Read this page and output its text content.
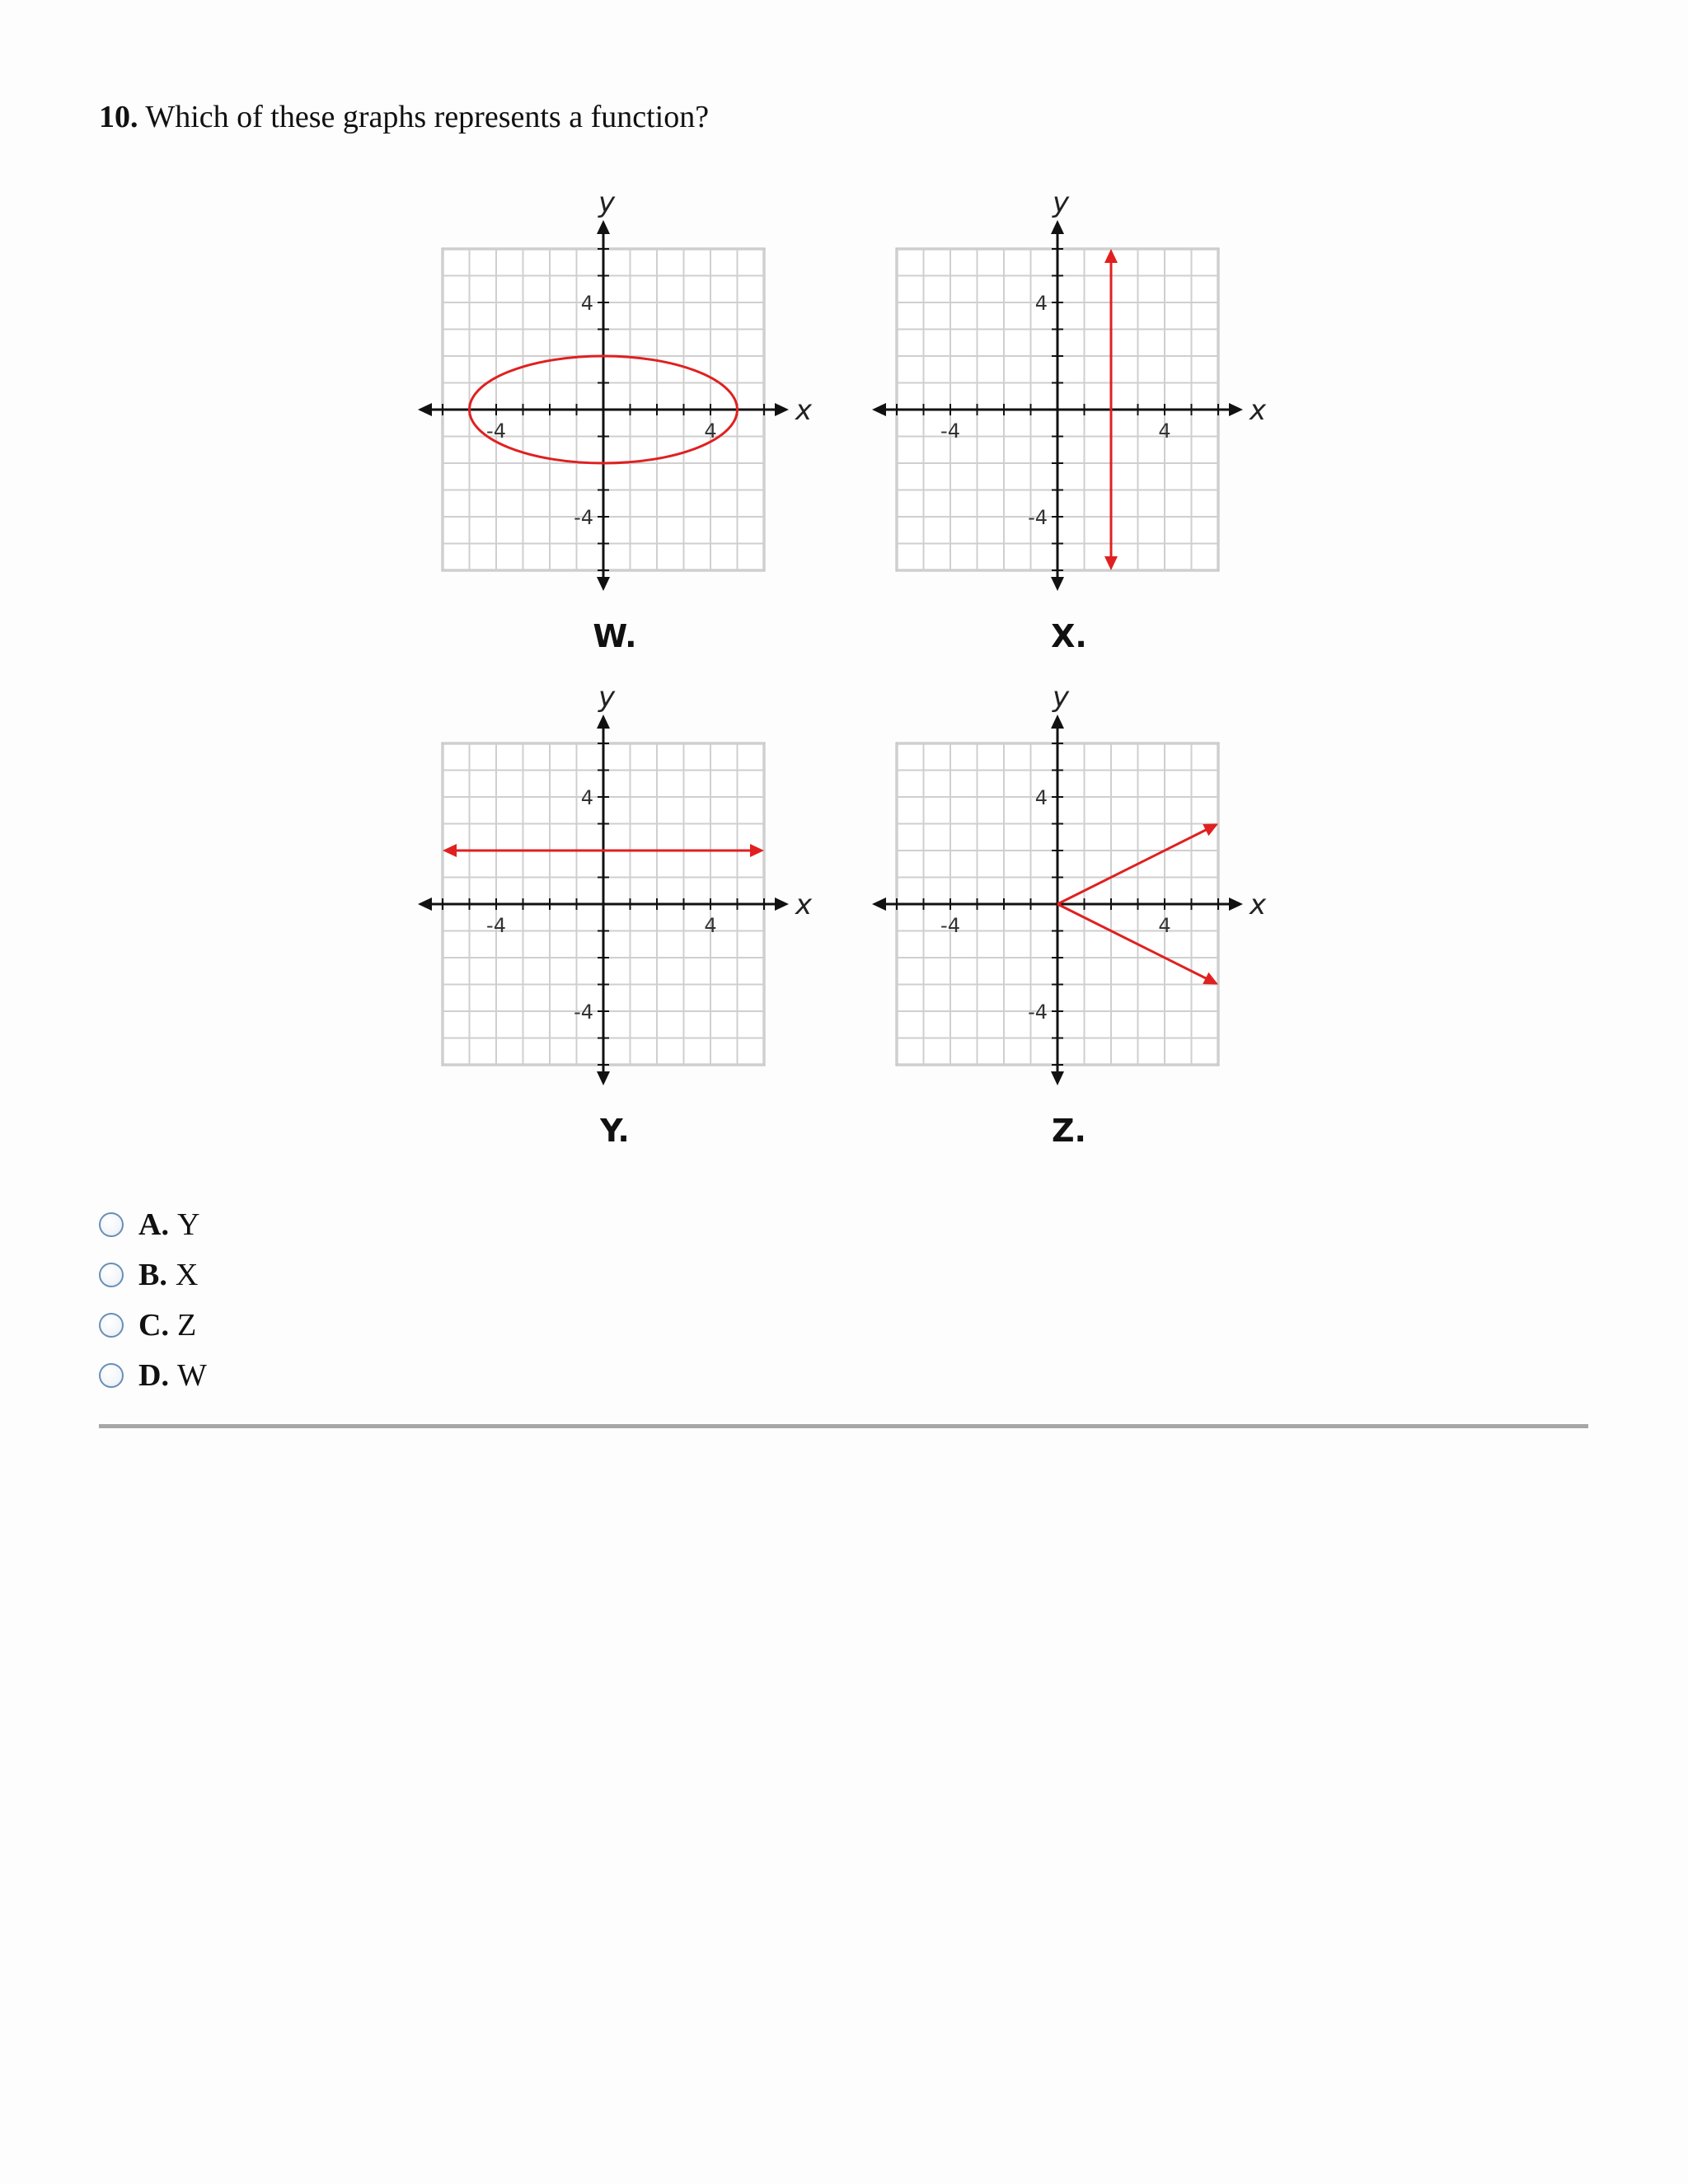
10. Which of these graphs represents a function?
-4	4
4
-4
x
y
W.
-4	4
4
-4
x
y
X.
-4	4
4
-4
x
y
Y.
-4	4
4
-4
x
y
Z.
A. Y
B. X
C. Z
D. W
